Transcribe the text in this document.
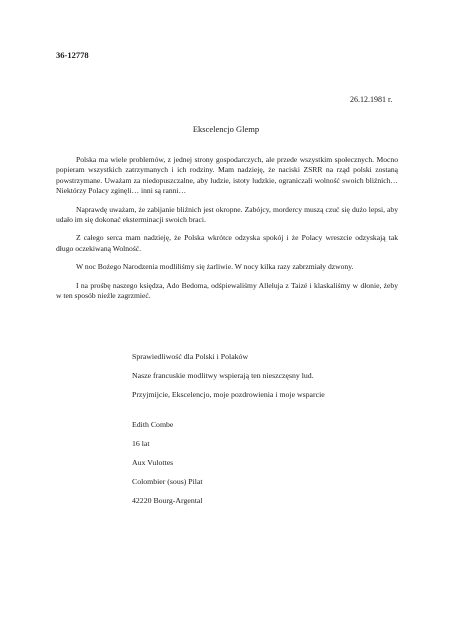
36-12778
26.12.1981 r.
Ekscelencjo Glemp

Polska ma wiele problemów, z jednej strony gospodarczych, ale przede wszystkim społecznych. Mocno popieram wszystkich zatrzymanych i ich rodziny. Mam nadzieję, że naciski ZSRR na rząd polski zostaną powstrzymane. Uważam za niedopuszczalne, aby ludzie, istoty ludzkie, ograniczali wolność swoich bliźnich… Niektórzy Polacy zginęli… inni są ranni…

Naprawdę uważam, że zabijanie bliźnich jest okropne. Zabójcy, mordercy muszą czuć się dużo lepsi, aby udało im się dokonać eksterminacji swoich braci.

Z całego serca mam nadzieję, że Polska wkrótce odzyska spokój i że Polacy wreszcie odzyskają tak długo oczekiwaną Wolność.

W noc Bożego Narodzenia modliliśmy się żarliwie. W nocy kilka razy zabrzmiały dzwony.

I na prośbę naszego księdza, Ado Bedoma, odśpiewaliśmy Alleluja z Taizé i klaskaliśmy w dłonie, żeby w ten sposób nieźle zagrzmieć.

Sprawiedliwość dla Polski i Polaków
Nasze francuskie modlitwy wspierają ten nieszczęsny lud.
Przyjmijcie, Ekscelencjo, moje pozdrowienia i moje wsparcie
Edith Combe
16 lat
Aux Vulottes
Colombier (sous) Pilat
42220 Bourg-Argental
